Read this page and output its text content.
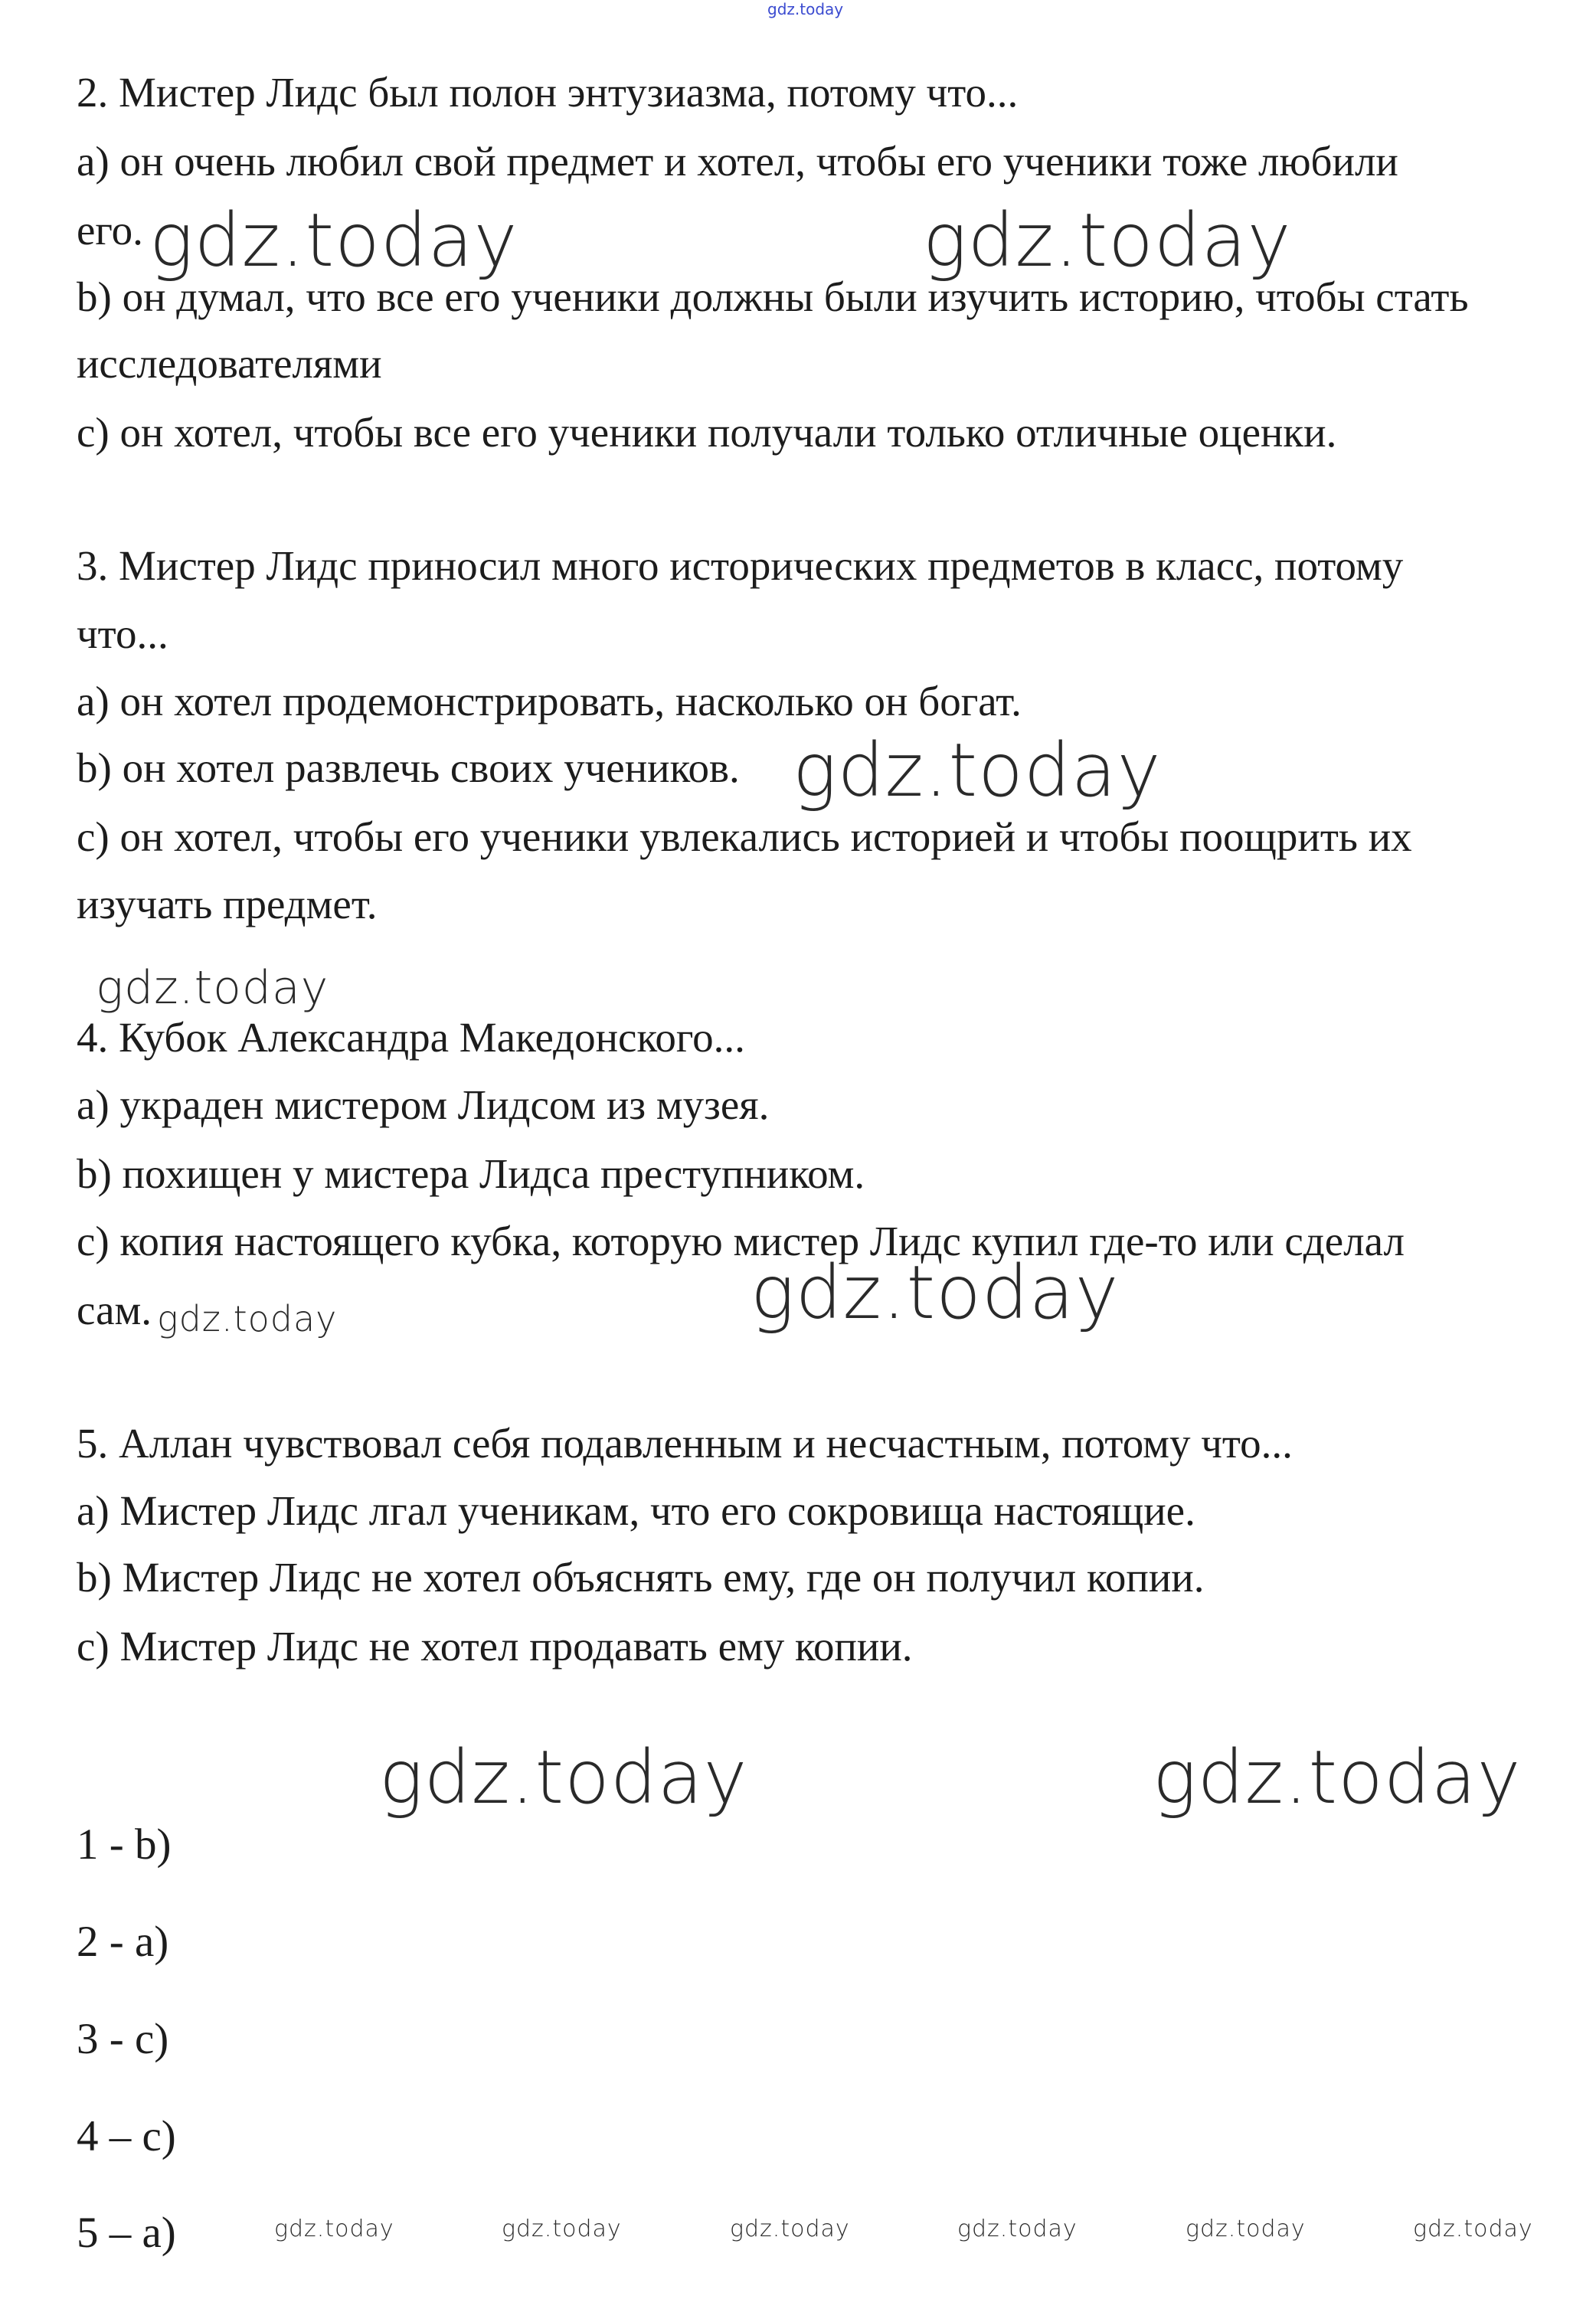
gdz.today
2. Мистер Лидс был полон энтузиазма, потому что...
a) он очень любил свой предмет и хотел, чтобы его ученики тоже любили
его.
b) он думал, что все его ученики должны были изучить историю, чтобы стать
исследователями
c) он хотел, чтобы все его ученики получали только отличные оценки.
3. Мистер Лидс приносил много исторических предметов в класс, потому
что...
a) он хотел продемонстрировать, насколько он богат.
b) он хотел развлечь своих учеников.
c) он хотел, чтобы его ученики увлекались историей и чтобы поощрить их
изучать предмет.
4. Кубок Александра Македонского...
a) украден мистером Лидсом из музея.
b) похищен у мистера Лидса преступником.
c) копия настоящего кубка, которую мистер Лидс купил где-то или сделал
сам.
5. Аллан чувствовал себя подавленным и несчастным, потому что...
a) Мистер Лидс лгал ученикам, что его сокровища настоящие.
b) Мистер Лидс не хотел объяснять ему, где он получил копии.
c) Мистер Лидс не хотел продавать ему копии.
1 - b)
2 - a)
3 - c)
4 – c)
5 – a)
gdz.today	gdz.today
gdz.today
gdz.today
gdz.today
gdz.today
gdz.today	gdz.today
gdz.today	gdz.today	gdz.today	gdz.today	gdz.today	gdz.today
